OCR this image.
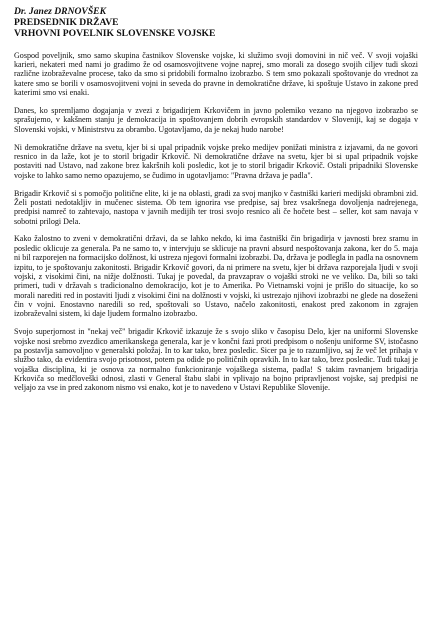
Dr. Janez DRNOVŠEK
PREDSEDNIK DRŽAVE
VRHOVNI POVELNIK SLOVENSKE VOJSKE

Gospod poveljnik, smo samo skupina častnikov Slovenske vojske, ki služimo svoji domovini in nič več. V svoji vojaški karieri, nekateri med nami jo gradimo že od osamosvojitvene vojne naprej, smo morali za dosego svojih ciljev tudi skozi različne izobraževalne procese, tako da smo si pridobili formalno izobrazbo. S tem smo pokazali spoštovanje do vrednot za katere smo se borili v osamosvojitveni vojni in seveda do pravne in demokratične države, ki spoštuje Ustavo in zakone pred katerimi smo vsi enaki.

Danes, ko spremljamo dogajanja v zvezi z brigadirjem Krkovičem in javno polemiko vezano na njegovo izobrazbo se sprašujemo, v kakšnem stanju je demokracija in spoštovanjem dobrih evropskih standardov v Sloveniji, kaj se dogaja v Slovenski vojski, v Ministrstvu za obrambo. Ugotavljamo, da je nekaj hudo narobe!

Ni demokratične države na svetu, kjer bi si upal pripadnik vojske preko medijev ponižati ministra z izjavami, da ne govori resnico in da laže, kot je to storil brigadir Krkovič. Ni demokratične države na svetu, kjer bi si upal pripadnik vojske postaviti nad Ustavo, nad zakone brez kakršnih koli posledic, kot je to storil brigadir Krkovič. Ostali pripadniki Slovenske vojske to lahko samo nemo opazujemo, se čudimo in ugotavljamo: "Pravna država je padla".

Brigadir Krkovič si s pomočjo politične elite, ki je na oblasti, gradi za svoj manjko v častniški karieri medijski obrambni zid. Želi postati nedotakljiv in mučenec sistema. Ob tem ignorira vse predpise, saj brez vsakršnega dovoljenja nadrejenega, predpisi namreč to zahtevajo, nastopa v javnih medijih ter trosi svojo resnico ali če hočete best – seller, kot sam navaja v sobotni prilogi Dela.

Kako žalostno to zveni v demokratični državi, da se lahko nekdo, ki ima častniški čin brigadirja v javnosti brez sramu in posledic oklicuje za generala. Pa ne samo to, v intervjuju se sklicuje na pravni absurd nespoštovanja zakona, ker do 5. maja ni bil razporejen na formacijsko dolžnost, ki ustreza njegovi formalni izobrazbi. Da, država je podlegla in padla na osnovnem izpitu, to je spoštovanju zakonitosti. Brigadir Krkovič govori, da ni primere na svetu, kjer bi država razporejala ljudi v svoji vojski, z visokimi čini, na nižje dolžnosti. Tukaj je povedal, da pravzaprav o vojaški stroki ne ve veliko. Da, bili so taki primeri, tudi v državah s tradicionalno demokracijo, kot je to Amerika. Po Vietnamski vojni je prišlo do situacije, ko so morali narediti red in postaviti ljudi z visokimi čini na dolžnosti v vojski, ki ustrezajo njihovi izobrazbi ne glede na doseženi čin v vojni. Enostavno naredili so red, spoštovali so Ustavo, načelo zakonitosti, enakost pred zakonom in zgrajen izobraževalni sistem, ki daje ljudem formalno izobrazbo.

Svojo superjornost in "nekaj več" brigadir Krkovič izkazuje že s svojo sliko v časopisu Delo, kjer na uniformi Slovenske vojske nosi srebrno zvezdico amerikanskega generala, kar je v končni fazi proti predpisom o nošenju uniforme SV, istočasno pa postavlja samovoljno v generalski položaj. In to kar tako, brez posledic. Sicer pa je to razumljivo, saj že več let prihaja v službo tako, da evidentira svojo prisotnost, potem pa odide po političnih opravkih. In to kar tako, brez posledic. Tudi tukaj je vojaška disciplina, ki je osnova za normalno funkcioniranje vojaškega sistema, padla! S takim ravnanjem brigadirja Krkoviča so medčloveški odnosi, zlasti v General štabu slabi in vplivajo na bojno pripravljenost vojske, saj predpisi ne veljajo za vse in pred zakonom nismo vsi enako, kot je to navedeno v Ustavi Republike Slovenije.
